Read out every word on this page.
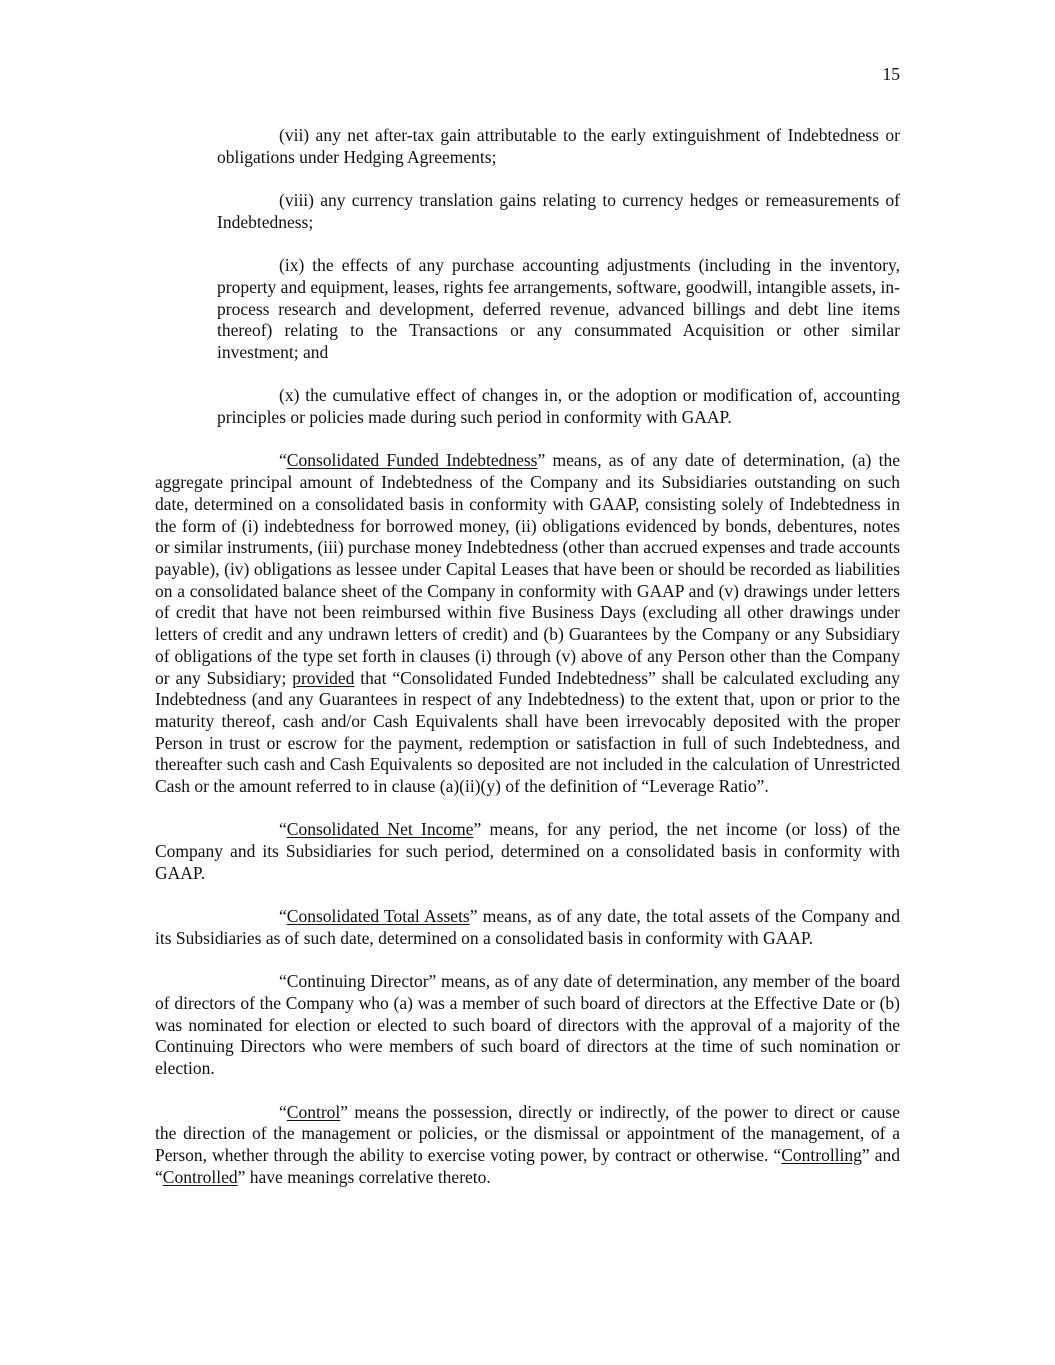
15

(vii) any net after-tax gain attributable to the early extinguishment of Indebtedness or obligations under Hedging Agreements;

(viii) any currency translation gains relating to currency hedges or remeasurements of Indebtedness;

(ix) the effects of any purchase accounting adjustments (including in the inventory, property and equipment, leases, rights fee arrangements, software, goodwill, intangible assets, in-process research and development, deferred revenue, advanced billings and debt line items thereof) relating to the Transactions or any consummated Acquisition or other similar investment; and

(x) the cumulative effect of changes in, or the adoption or modification of, accounting principles or policies made during such period in conformity with GAAP.

“Consolidated Funded Indebtedness” means, as of any date of determination, (a) the aggregate principal amount of Indebtedness of the Company and its Subsidiaries outstanding on such date, determined on a consolidated basis in conformity with GAAP, consisting solely of Indebtedness in the form of (i) indebtedness for borrowed money, (ii) obligations evidenced by bonds, debentures, notes or similar instruments, (iii) purchase money Indebtedness (other than accrued expenses and trade accounts payable), (iv) obligations as lessee under Capital Leases that have been or should be recorded as liabilities on a consolidated balance sheet of the Company in conformity with GAAP and (v) drawings under letters of credit that have not been reimbursed within five Business Days (excluding all other drawings under letters of credit and any undrawn letters of credit) and (b) Guarantees by the Company or any Subsidiary of obligations of the type set forth in clauses (i) through (v) above of any Person other than the Company or any Subsidiary; provided that “Consolidated Funded Indebtedness” shall be calculated excluding any Indebtedness (and any Guarantees in respect of any Indebtedness) to the extent that, upon or prior to the maturity thereof, cash and/or Cash Equivalents shall have been irrevocably deposited with the proper Person in trust or escrow for the payment, redemption or satisfaction in full of such Indebtedness, and thereafter such cash and Cash Equivalents so deposited are not included in the calculation of Unrestricted Cash or the amount referred to in clause (a)(ii)(y) of the definition of “Leverage Ratio”.

“Consolidated Net Income” means, for any period, the net income (or loss) of the Company and its Subsidiaries for such period, determined on a consolidated basis in conformity with GAAP.

“Consolidated Total Assets” means, as of any date, the total assets of the Company and its Subsidiaries as of such date, determined on a consolidated basis in conformity with GAAP.

“Continuing Director” means, as of any date of determination, any member of the board of directors of the Company who (a) was a member of such board of directors at the Effective Date or (b) was nominated for election or elected to such board of directors with the approval of a majority of the Continuing Directors who were members of such board of directors at the time of such nomination or election.

“Control” means the possession, directly or indirectly, of the power to direct or cause the direction of the management or policies, or the dismissal or appointment of the management, of a Person, whether through the ability to exercise voting power, by contract or otherwise. “Controlling” and “Controlled” have meanings correlative thereto.
